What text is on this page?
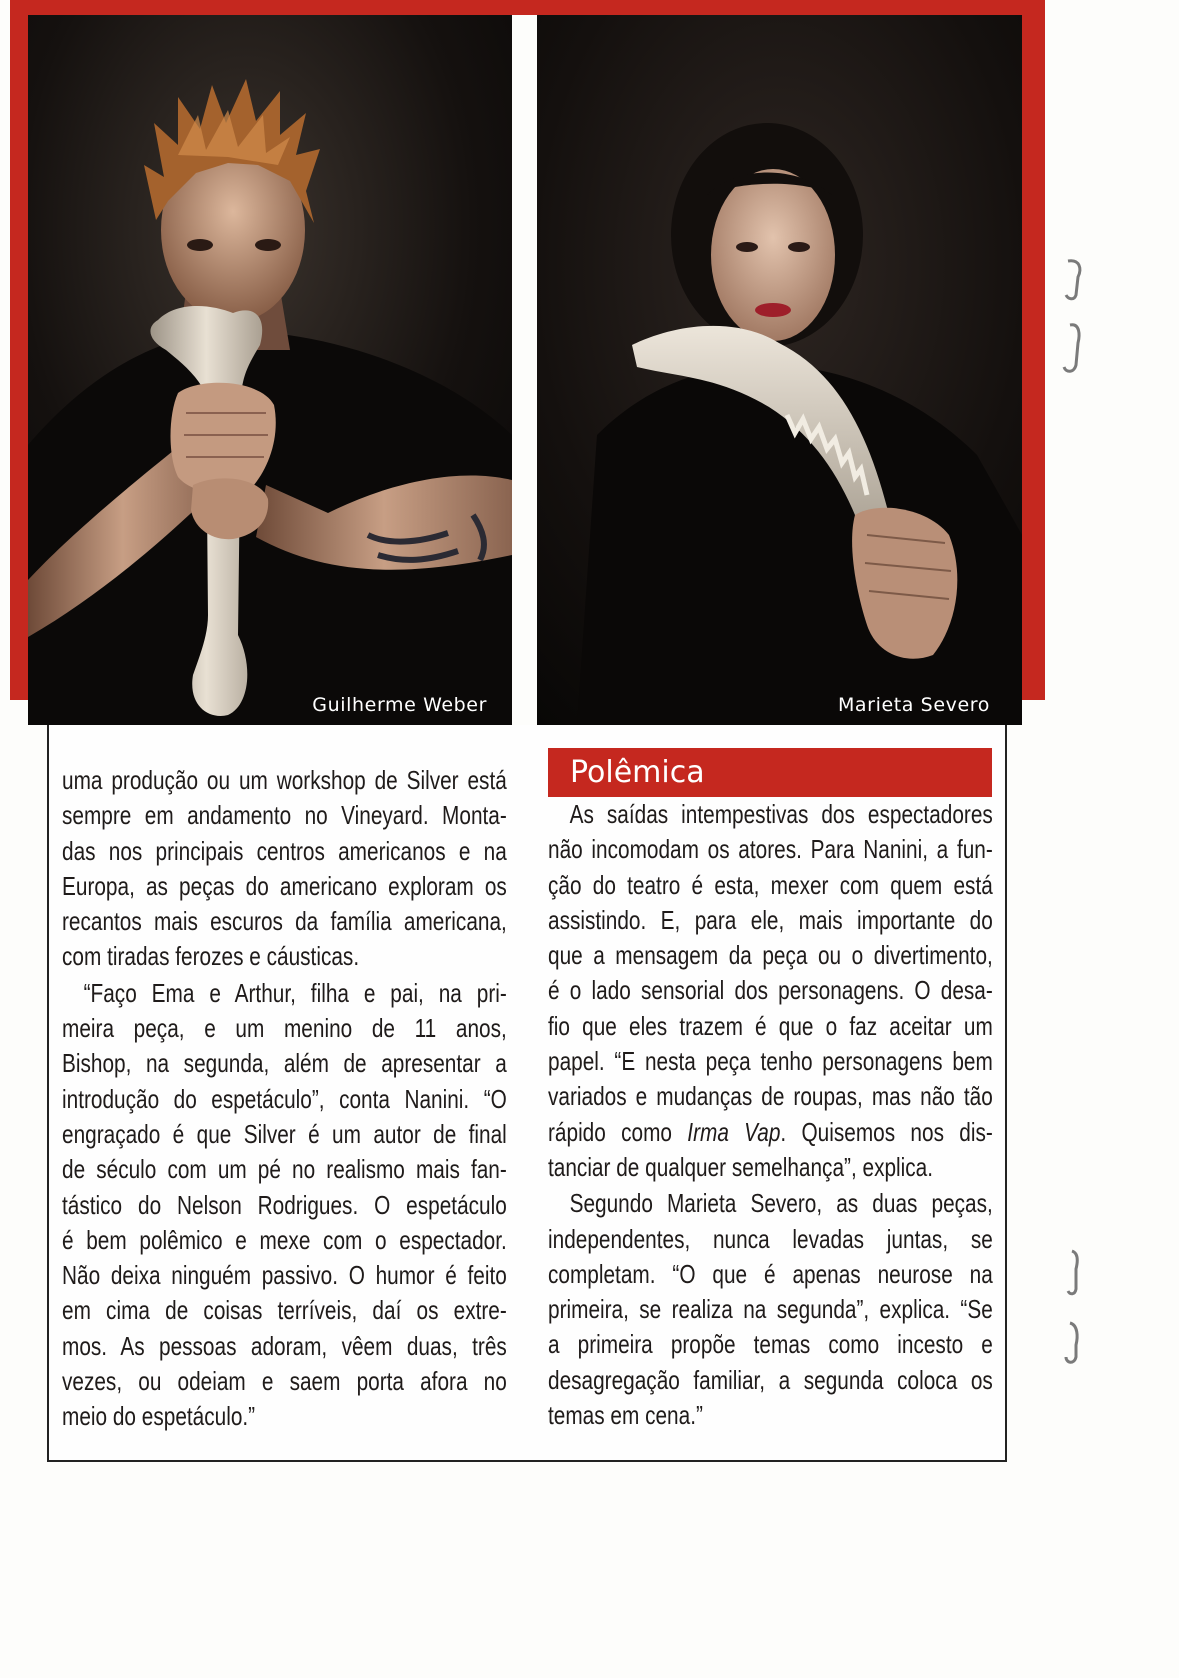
Guilherme Weber	Marieta Severo
uma produção ou um workshop de Silver está
sempre em andamento no Vineyard. Monta-
das nos principais centros americanos e na
Europa, as peças do americano exploram os
recantos mais escuros da família americana,
com tiradas ferozes e cáusticas.
“Faço Ema e Arthur, filha e pai, na pri-
meira peça, e um menino de 11 anos,
Bishop, na segunda, além de apresentar a
introdução do espetáculo”, conta Nanini. “O
engraçado é que Silver é um autor de final
de século com um pé no realismo mais fan-
tástico do Nelson Rodrigues. O espetáculo
é bem polêmico e mexe com o espectador.
Não deixa ninguém passivo. O humor é feito
em cima de coisas terríveis, daí os extre-
mos. As pessoas adoram, vêem duas, três
vezes, ou odeiam e saem porta afora no
meio do espetáculo.”
Polêmica
As saídas intempestivas dos espectadores
não incomodam os atores. Para Nanini, a fun-
ção do teatro é esta, mexer com quem está
assistindo. E, para ele, mais importante do
que a mensagem da peça ou o divertimento,
é o lado sensorial dos personagens. O desa-
fio que eles trazem é que o faz aceitar um
papel. “E nesta peça tenho personagens bem
variados e mudanças de roupas, mas não tão
rápido como Irma Vap. Quisemos nos dis-
tanciar de qualquer semelhança”, explica.
Segundo Marieta Severo, as duas peças,
independentes, nunca levadas juntas, se
completam. “O que é apenas neurose na
primeira, se realiza na segunda”, explica. “Se
a primeira propõe temas como incesto e
desagregação familiar, a segunda coloca os
temas em cena.”
